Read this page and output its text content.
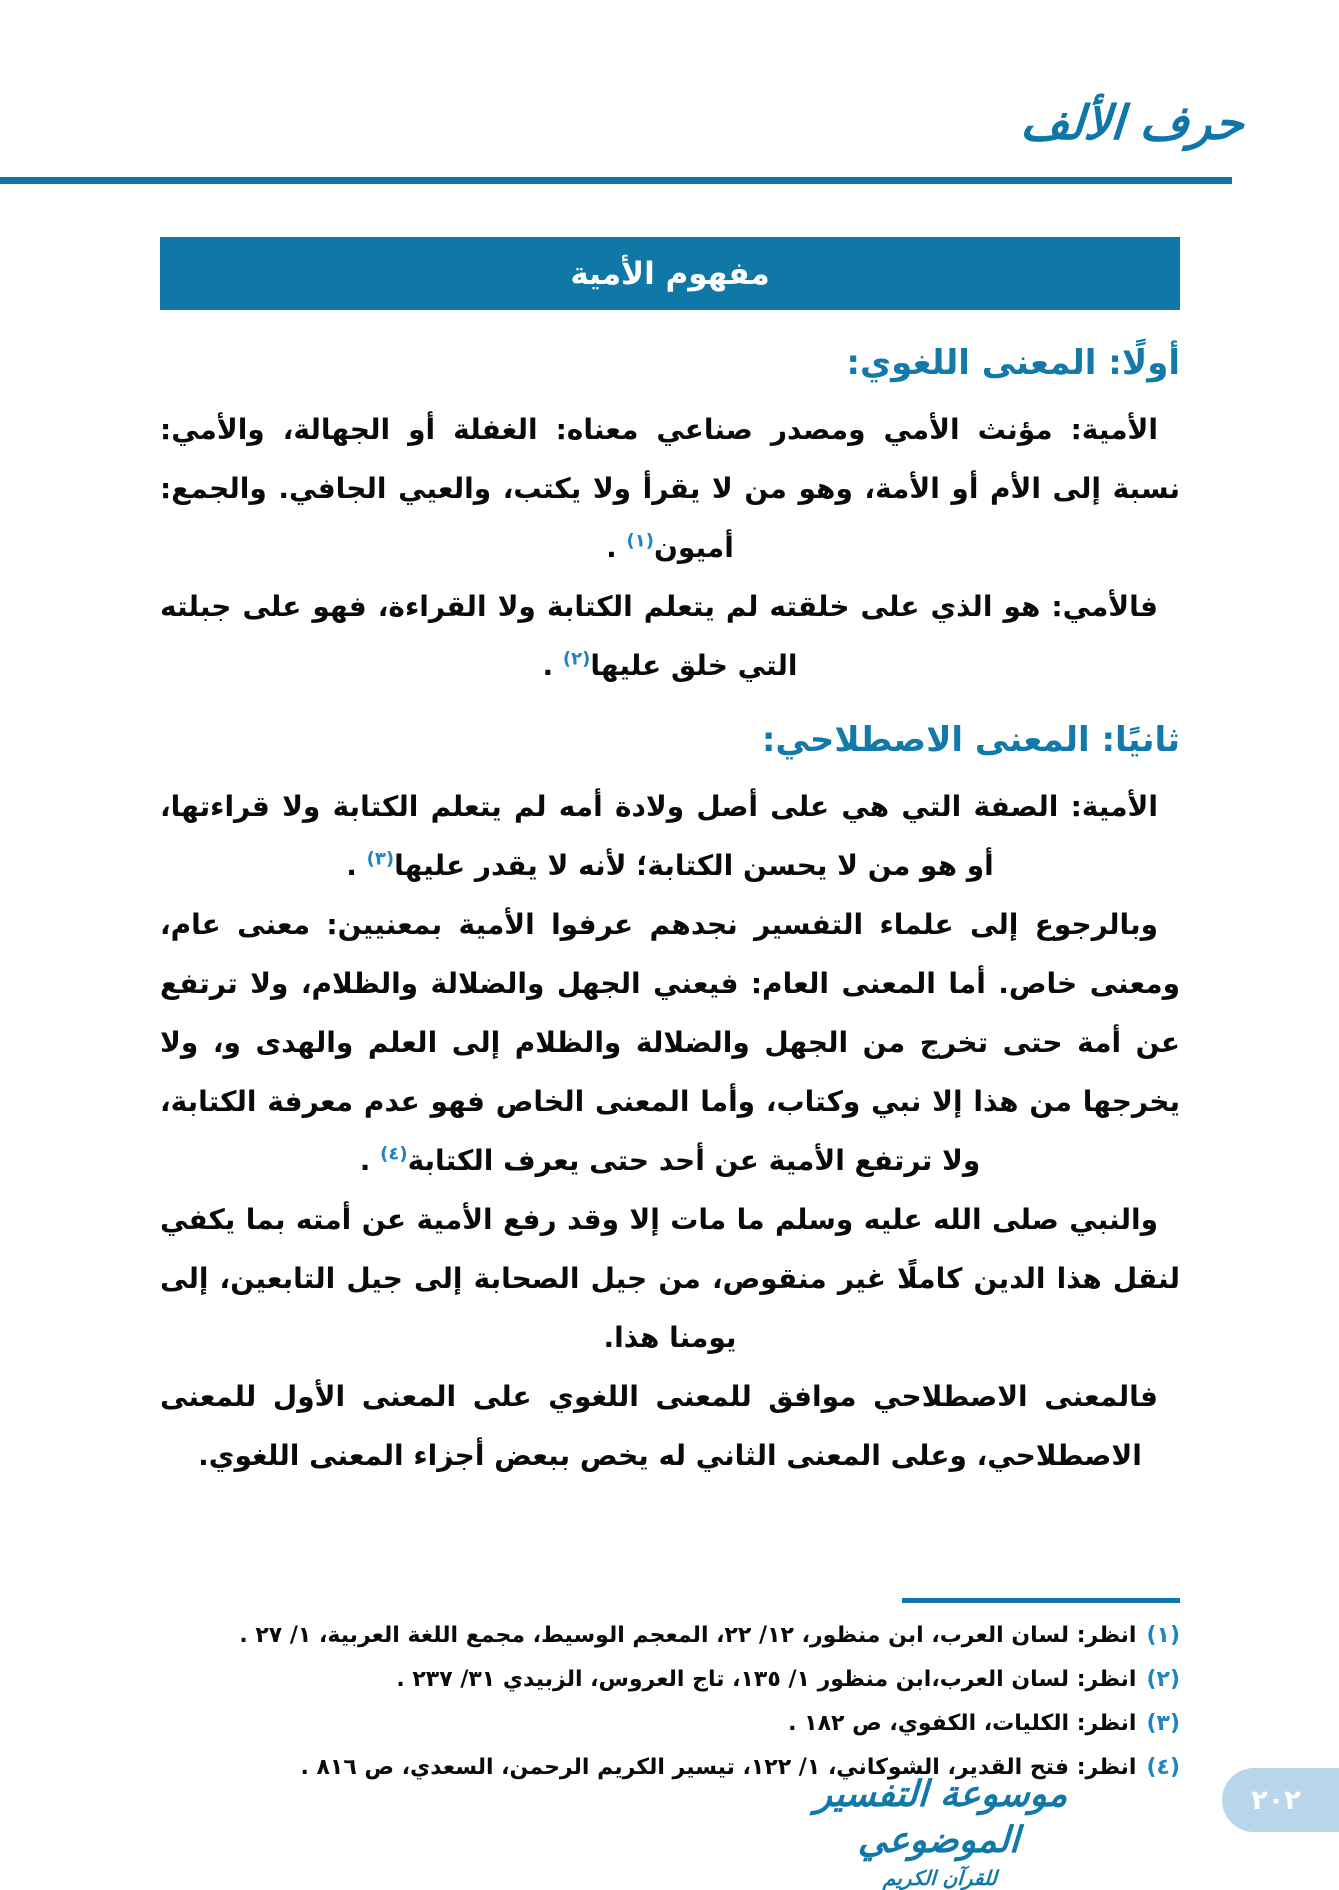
حرف الألف
مفهوم الأمية
أولًا: المعنى اللغوي:

الأمية: مؤنث الأمي ومصدر صناعي معناه: الغفلة أو الجهالة، والأمي: نسبة إلى الأم أو الأمة، وهو من لا يقرأ ولا يكتب، والعيي الجافي. والجمع: أميون$^{(١)}$ .

فالأمي: هو الذي على خلقته لم يتعلم الكتابة ولا القراءة، فهو على جبلته التي خلق عليها$^{(٢)}$ .

ثانيًا: المعنى الاصطلاحي:

الأمية: الصفة التي هي على أصل ولادة أمه لم يتعلم الكتابة ولا قراءتها، أو هو من لا يحسن الكتابة؛ لأنه لا يقدر عليها$^{(٣)}$ .

وبالرجوع إلى علماء التفسير نجدهم عرفوا الأمية بمعنيين: معنى عام، ومعنى خاص. أما المعنى العام: فيعني الجهل والضلالة والظلام، ولا ترتفع عن أمة حتى تخرج من الجهل والضلالة والظلام إلى العلم والهدى و، ولا يخرجها من هذا إلا نبي وكتاب، وأما المعنى الخاص فهو عدم معرفة الكتابة، ولا ترتفع الأمية عن أحد حتى يعرف الكتابة$^{(٤)}$ .

والنبي صلى الله عليه وسلم ما مات إلا وقد رفع الأمية عن أمته بما يكفي لنقل هذا الدين كاملًا غير منقوص، من جيل الصحابة إلى جيل التابعين، إلى يومنا هذا.

فالمعنى الاصطلاحي موافق للمعنى اللغوي على المعنى الأول للمعنى الاصطلاحي، وعلى المعنى الثاني له يخص ببعض أجزاء المعنى اللغوي.

(١)انظر: لسان العرب، ابن منظور، ١٢/ ٢٢، المعجم الوسيط، مجمع اللغة العربية، ١/ ٢٧ .
(٢)انظر: لسان العرب،ابن منظور ١/ ١٣٥، تاج العروس، الزبيدي ٣١/ ٢٣٧ .
(٣)انظر: الكليات، الكفوي، ص ١٨٢ .
(٤)انظر: فتح القدير، الشوكاني، ١/ ١٢٢، تيسير الكريم الرحمن، السعدي، ص ٨١٦ .
موسوعة التفسير الموضوعي
للقرآن الكريم
٢٠٢
